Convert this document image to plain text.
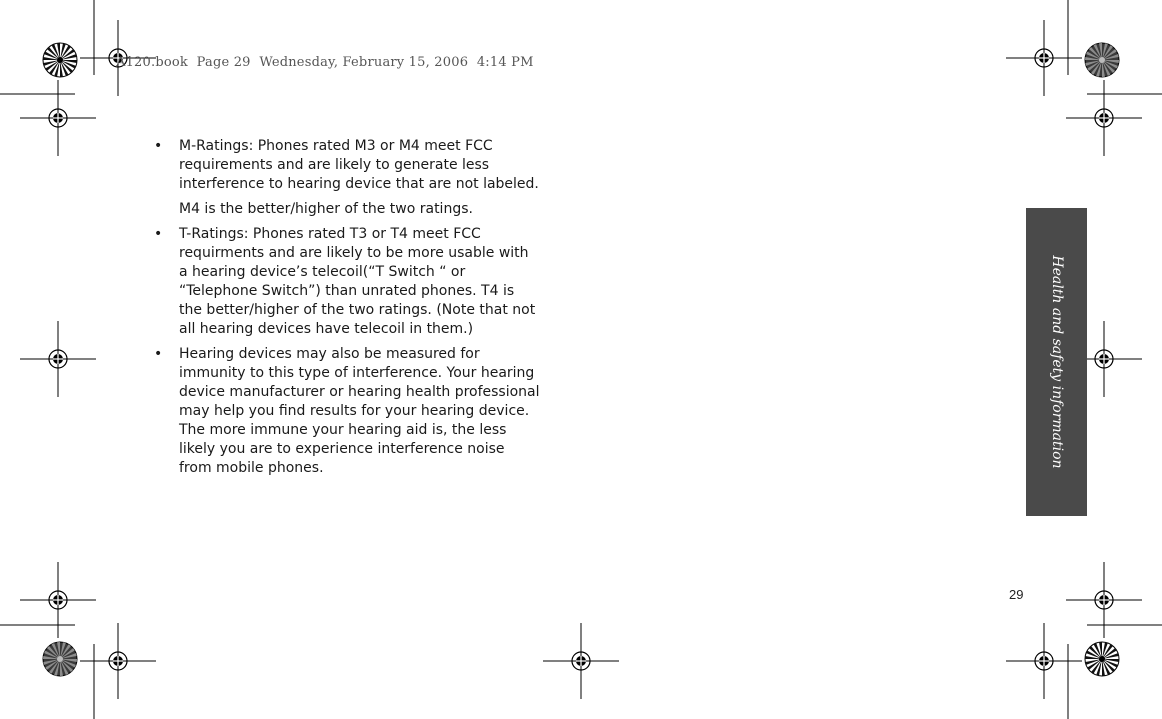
A120.book  Page 29  Wednesday, February 15, 2006  4:14 PM
• M-Ratings: Phones rated M3 or M4 meet FCC
requirements and are likely to generate less
interference to hearing device that are not labeled.
M4 is the better/higher of the two ratings.
• T-Ratings: Phones rated T3 or T4 meet FCC
requirments and are likely to be more usable with
a hearing device’s telecoil(“T Switch “ or
“Telephone Switch”) than unrated phones. T4 is
the better/higher of the two ratings. (Note that not
all hearing devices have telecoil in them.)
• Hearing devices may also be measured for
immunity to this type of interference. Your hearing
device manufacturer or hearing health professional
may help you find results for your hearing device.
The more immune your hearing aid is, the less
likely you are to experience interference noise
from mobile phones.	Health and safety information
29
